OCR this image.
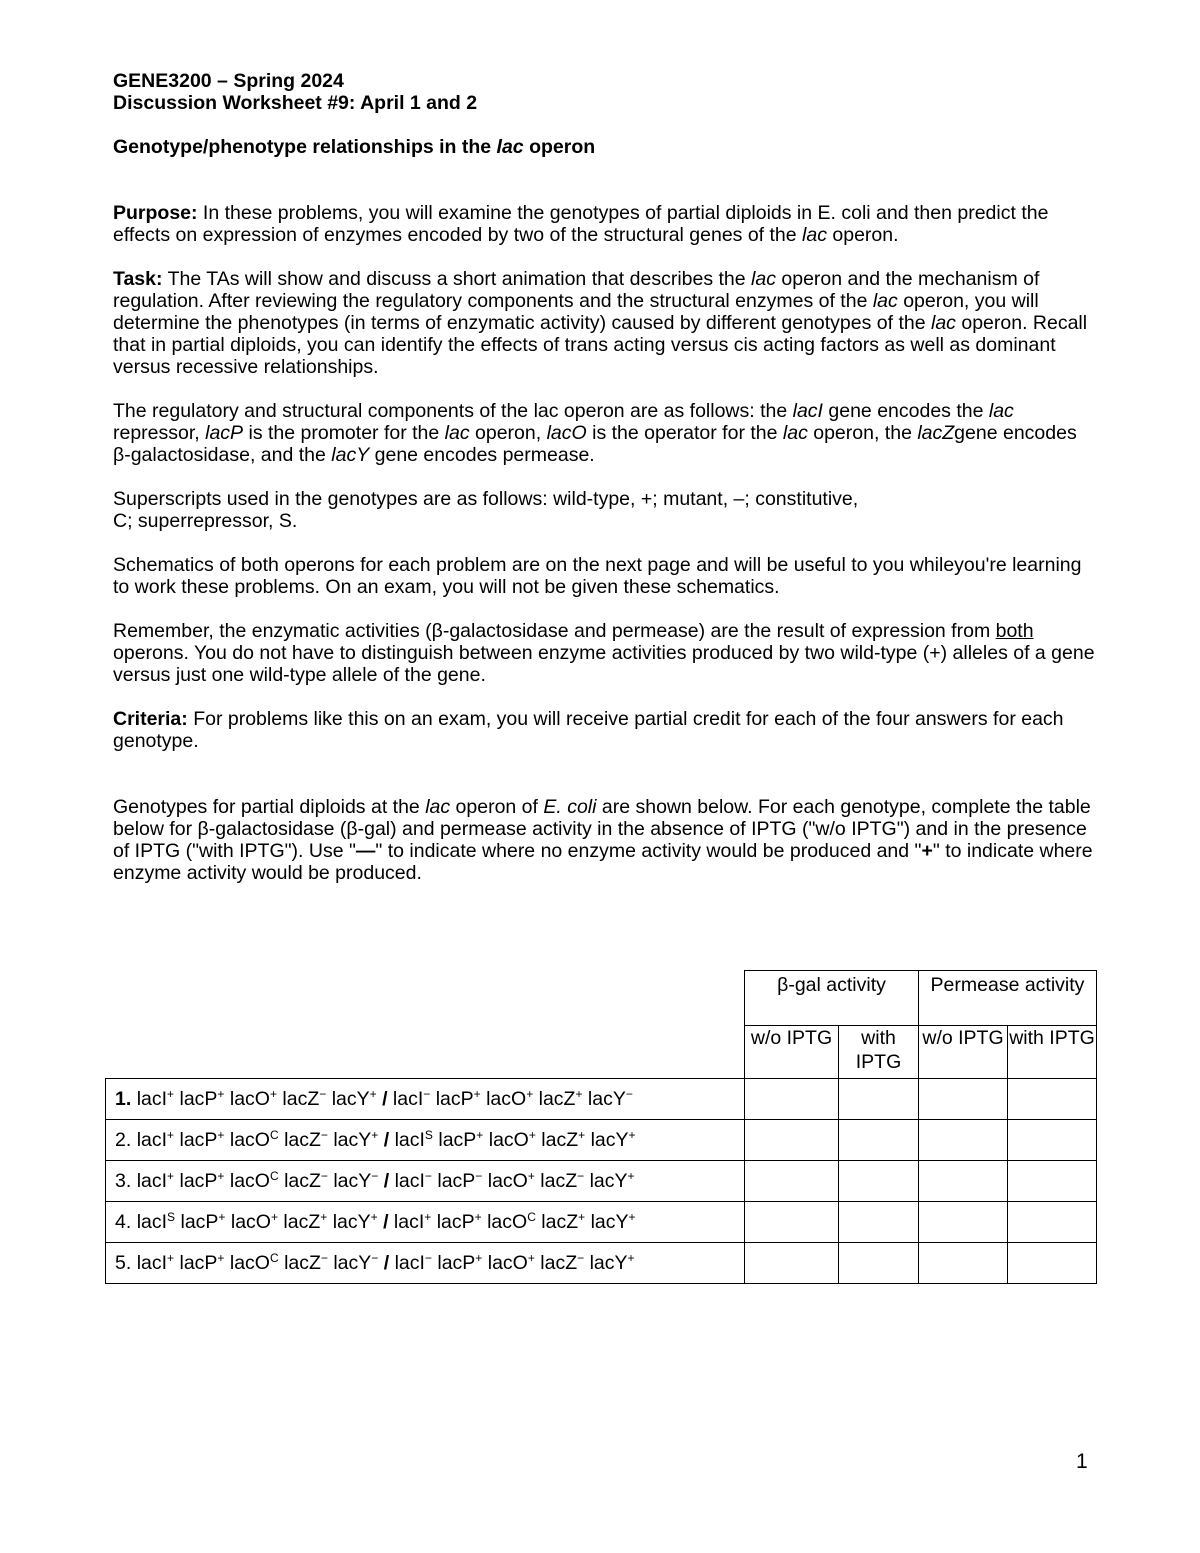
GENE3200 – Spring 2024

Discussion Worksheet #9: April 1 and 2

Genotype/phenotype relationships in the lac operon

Purpose: In these problems, you will examine the genotypes of partial diploids in E. coli and then predict the effects on expression of enzymes encoded by two of the structural genes of the lac operon.

Task: The TAs will show and discuss a short animation that describes the lac operon and the mechanism of regulation. After reviewing the regulatory components and the structural enzymes of the lac operon, you will determine the phenotypes (in terms of enzymatic activity) caused by different genotypes of the lac operon. Recall that in partial diploids, you can identify the effects of trans acting versus cis acting factors as well as dominant versus recessive relationships.

The regulatory and structural components of the lac operon are as follows: the lacI gene encodes the lac repressor, lacP is the promoter for the lac operon, lacO is the operator for the lac operon, the lacZgene encodes β-galactosidase, and the lacY gene encodes permease.

Superscripts used in the genotypes are as follows: wild-type, +; mutant, –; constitutive,
C; superrepressor, S.

Schematics of both operons for each problem are on the next page and will be useful to you whileyou're learning to work these problems. On an exam, you will not be given these schematics.

Remember, the enzymatic activities (β-galactosidase and permease) are the result of expression from both operons. You do not have to distinguish between enzyme activities produced by two wild-type (+) alleles of a gene versus just one wild-type allele of the gene.

Criteria: For problems like this on an exam, you will receive partial credit for each of the four answers for each genotype.

Genotypes for partial diploids at the lac operon of E. coli are shown below. For each genotype, complete the table below for β-galactosidase (β-gal) and permease activity in the absence of IPTG ("w/o IPTG") and in the presence of IPTG ("with IPTG"). Use "—" to indicate where no enzyme activity would be produced and "+" to indicate where enzyme activity would be produced.

	β-gal activity		Permease activity	
	w/o IPTG	with IPTG	w/o IPTG	with IPTG
1. lacI+ lacP+ lacO+ lacZ− lacY+ / lacI− lacP+ lacO+ lacZ+ lacY−				
2. lacI+ lacP+ lacO$^C$ lacZ− lacY+ / lacI$^S$ lacP+ lacO+ lacZ+ lacY+				
3. lacI+ lacP+ lacO$^C$ lacZ− lacY− / lacI− lacP− lacO+ lacZ− lacY+				
4. lacI$^S$ lacP+ lacO+ lacZ+ lacY+ / lacI+ lacP+ lacO$^C$ lacZ+ lacY+				
5. lacI+ lacP+ lacO$^C$ lacZ− lacY− / lacI− lacP+ lacO+ lacZ− lacY+				
1
